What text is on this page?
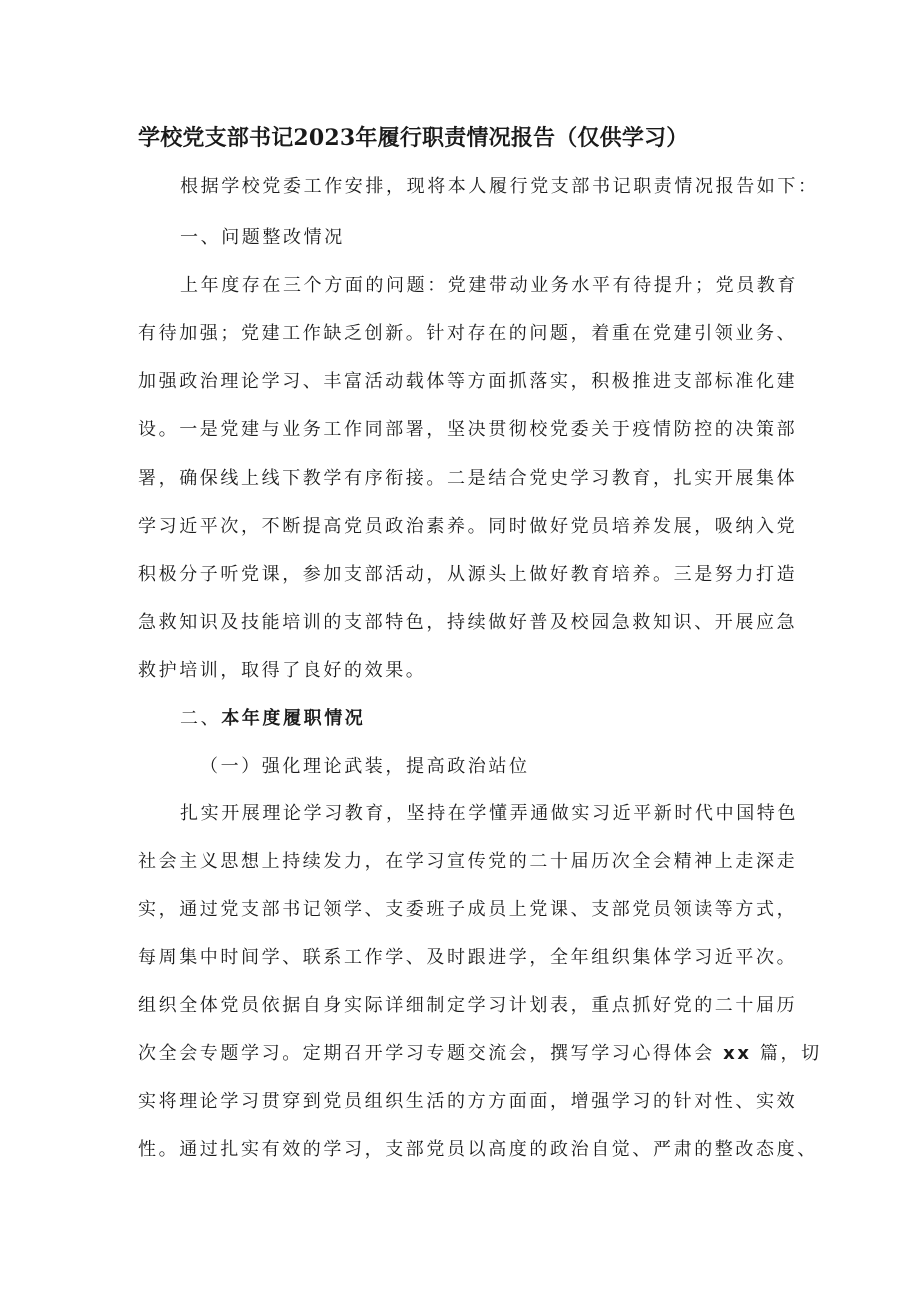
学校党支部书记2023年履行职责情况报告（仅供学习）
根据学校党委工作安排，现将本人履行党支部书记职责情况报告如下：
一、问题整改情况
上年度存在三个方面的问题：党建带动业务水平有待提升；党员教育
有待加强；党建工作缺乏创新。针对存在的问题，着重在党建引领业务、
加强政治理论学习、丰富活动载体等方面抓落实，积极推进支部标准化建
设。一是党建与业务工作同部署，坚决贯彻校党委关于疫情防控的决策部
署，确保线上线下教学有序衔接。二是结合党史学习教育，扎实开展集体
学习近平次，不断提高党员政治素养。同时做好党员培养发展，吸纳入党
积极分子听党课，参加支部活动，从源头上做好教育培养。三是努力打造
急救知识及技能培训的支部特色，持续做好普及校园急救知识、开展应急
救护培训，取得了良好的效果。
二、本年度履职情况
（一）强化理论武装，提高政治站位
扎实开展理论学习教育，坚持在学懂弄通做实习近平新时代中国特色
社会主义思想上持续发力，在学习宣传党的二十届历次全会精神上走深走
实，通过党支部书记领学、支委班子成员上党课、支部党员领读等方式，
每周集中时间学、联系工作学、及时跟进学，全年组织集体学习近平次。
组织全体党员依据自身实际详细制定学习计划表，重点抓好党的二十届历
次全会专题学习。定期召开学习专题交流会，撰写学习心得体会 xx 篇，切
实将理论学习贯穿到党员组织生活的方方面面，增强学习的针对性、实效
性。通过扎实有效的学习，支部党员以高度的政治自觉、严肃的整改态度、
